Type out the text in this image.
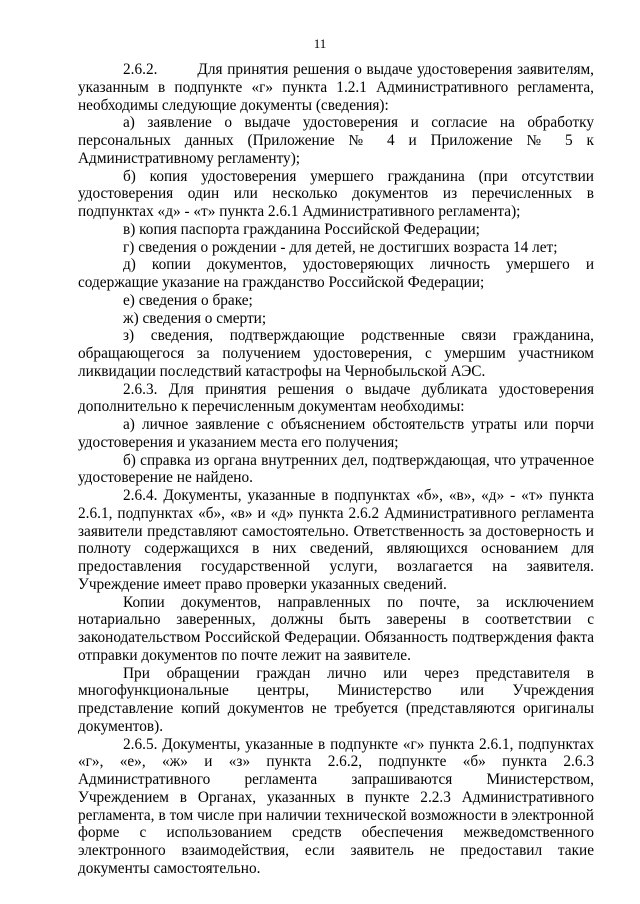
11

2.6.2.	Для принятия решения о выдаче удостоверения заявителям, указанным в подпункте «г» пункта 1.2.1 Административного регламента, необходимы следующие документы (сведения):

а) заявление о выдаче удостоверения и согласие на обработку персональных данных (Приложение № 4 и Приложение № 5 к Административному регламенту);

б) копия удостоверения умершего гражданина (при отсутствии удостоверения один или несколько документов из перечисленных в подпунктах «д» - «т» пункта 2.6.1 Административного регламента);

в) копия паспорта гражданина Российской Федерации;

г) сведения о рождении - для детей, не достигших возраста 14 лет;

д) копии документов, удостоверяющих личность умершего и содержащие указание на гражданство Российской Федерации;

е) сведения о браке;

ж) сведения о смерти;

з) сведения, подтверждающие родственные связи гражданина, обращающегося за получением удостоверения, с умершим участником ликвидации последствий катастрофы на Чернобыльской АЭС.

2.6.3. Для принятия решения о выдаче дубликата удостоверения дополнительно к перечисленным документам необходимы:

а) личное заявление с объяснением обстоятельств утраты или порчи удостоверения и указанием места его получения;

б) справка из органа внутренних дел, подтверждающая, что утраченное удостоверение не найдено.

2.6.4. Документы, указанные в подпунктах «б», «в», «д» - «т» пункта 2.6.1, подпунктах «б», «в» и «д» пункта 2.6.2 Административного регламента заявители представляют самостоятельно. Ответственность за достоверность и полноту содержащихся в них сведений, являющихся основанием для предоставления государственной услуги, возлагается на заявителя. Учреждение имеет право проверки указанных сведений.

Копии документов, направленных по почте, за исключением нотариально заверенных, должны быть заверены в соответствии с законодательством Российской Федерации. Обязанность подтверждения факта отправки документов по почте лежит на заявителе.

При обращении граждан лично или через представителя в многофункциональные центры, Министерство или Учреждения представление копий документов не требуется (представляются оригиналы документов).

2.6.5. Документы, указанные в подпункте «г» пункта 2.6.1, подпунктах «г», «е», «ж» и «з» пункта 2.6.2, подпункте «б» пункта 2.6.3 Административного регламента запрашиваются Министерством, Учреждением в Органах, указанных в пункте 2.2.3 Административного регламента, в том числе при наличии технической возможности в электронной форме с использованием средств обеспечения межведомственного электронного взаимодействия, если заявитель не предоставил такие документы самостоятельно.
